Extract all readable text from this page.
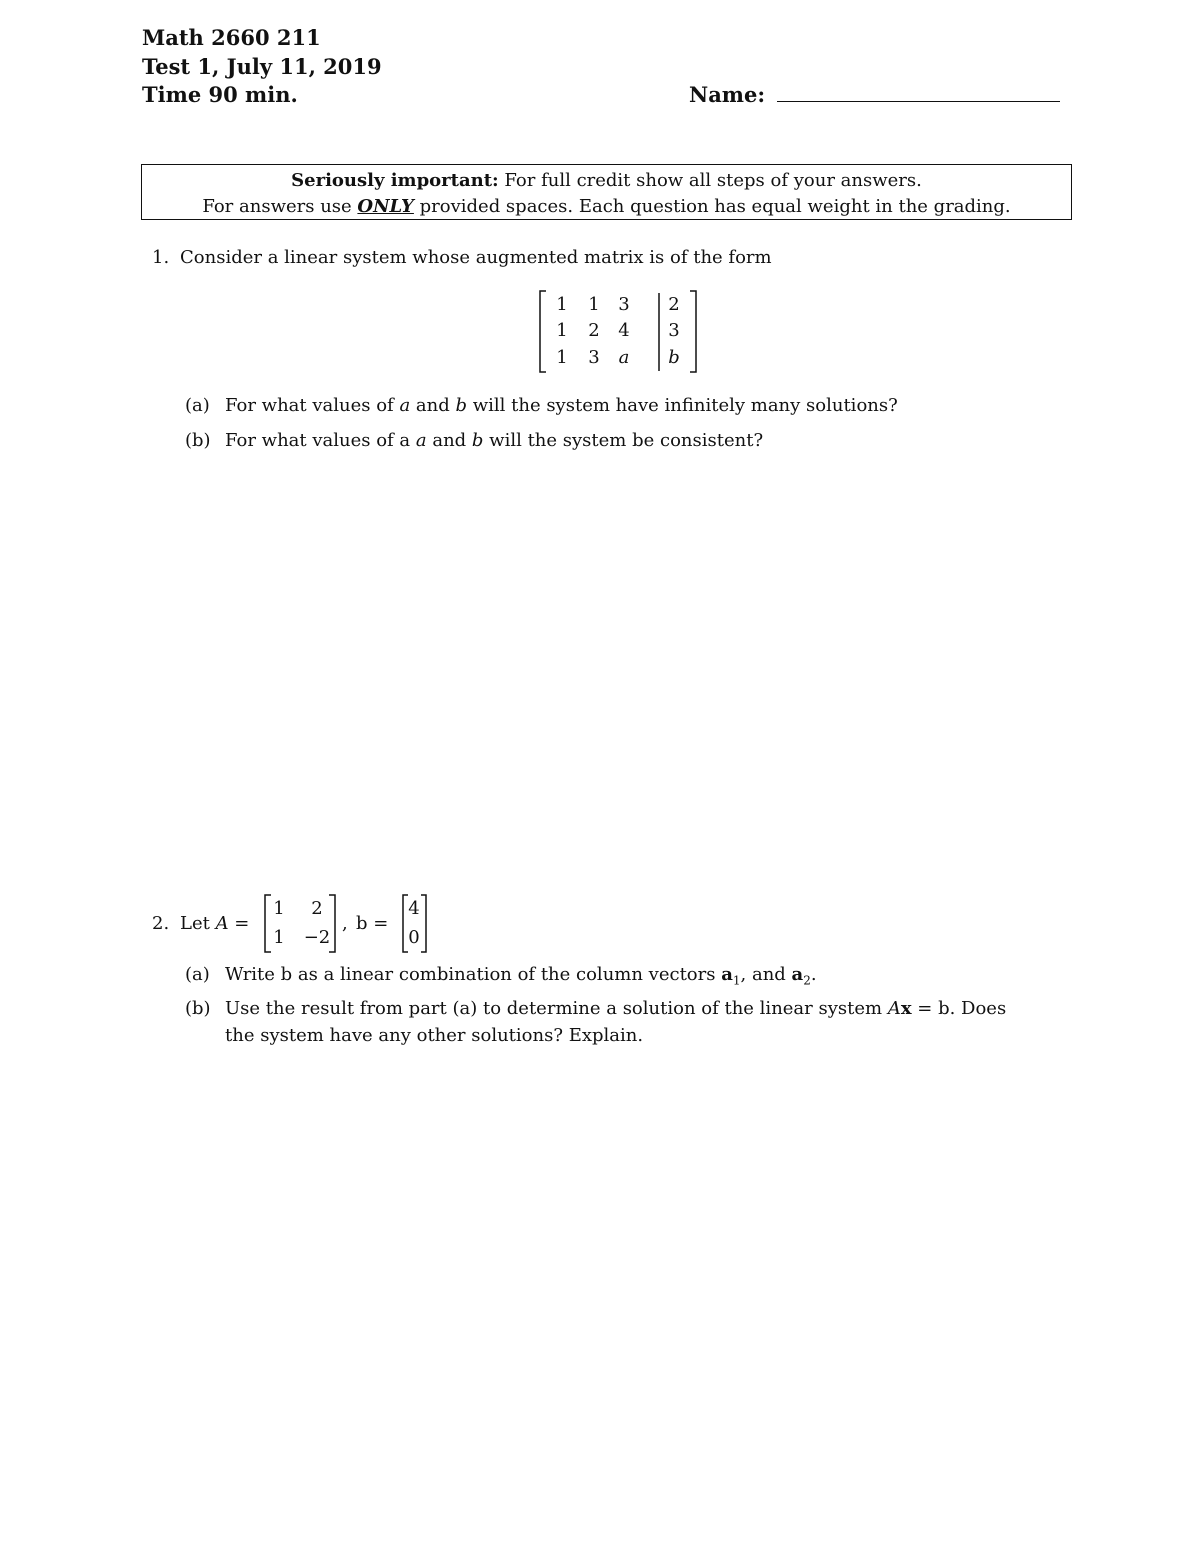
Math 2660 211
Test 1, July 11, 2019
Time 90 min.	Name:
Seriously important: For full credit show all steps of your answers.
For answers use ONLY provided spaces. Each question has equal weight in the grading.
1. Consider a linear system whose augmented matrix is of the form
1 1 3 2
1 2 4 3
1 3 a b
(a) For what values of a and b will the system have infinitely many solutions?
(b) For what values of a a and b will the system be consistent?
2. Let A =
1 2
1 −2
, b =
4
0
(a) Write b as a linear combination of the column vectors $a_1$, and $a_2$.
(b) Use the result from part (a) to determine a solution of the linear system Ax = b. Does
the system have any other solutions? Explain.
